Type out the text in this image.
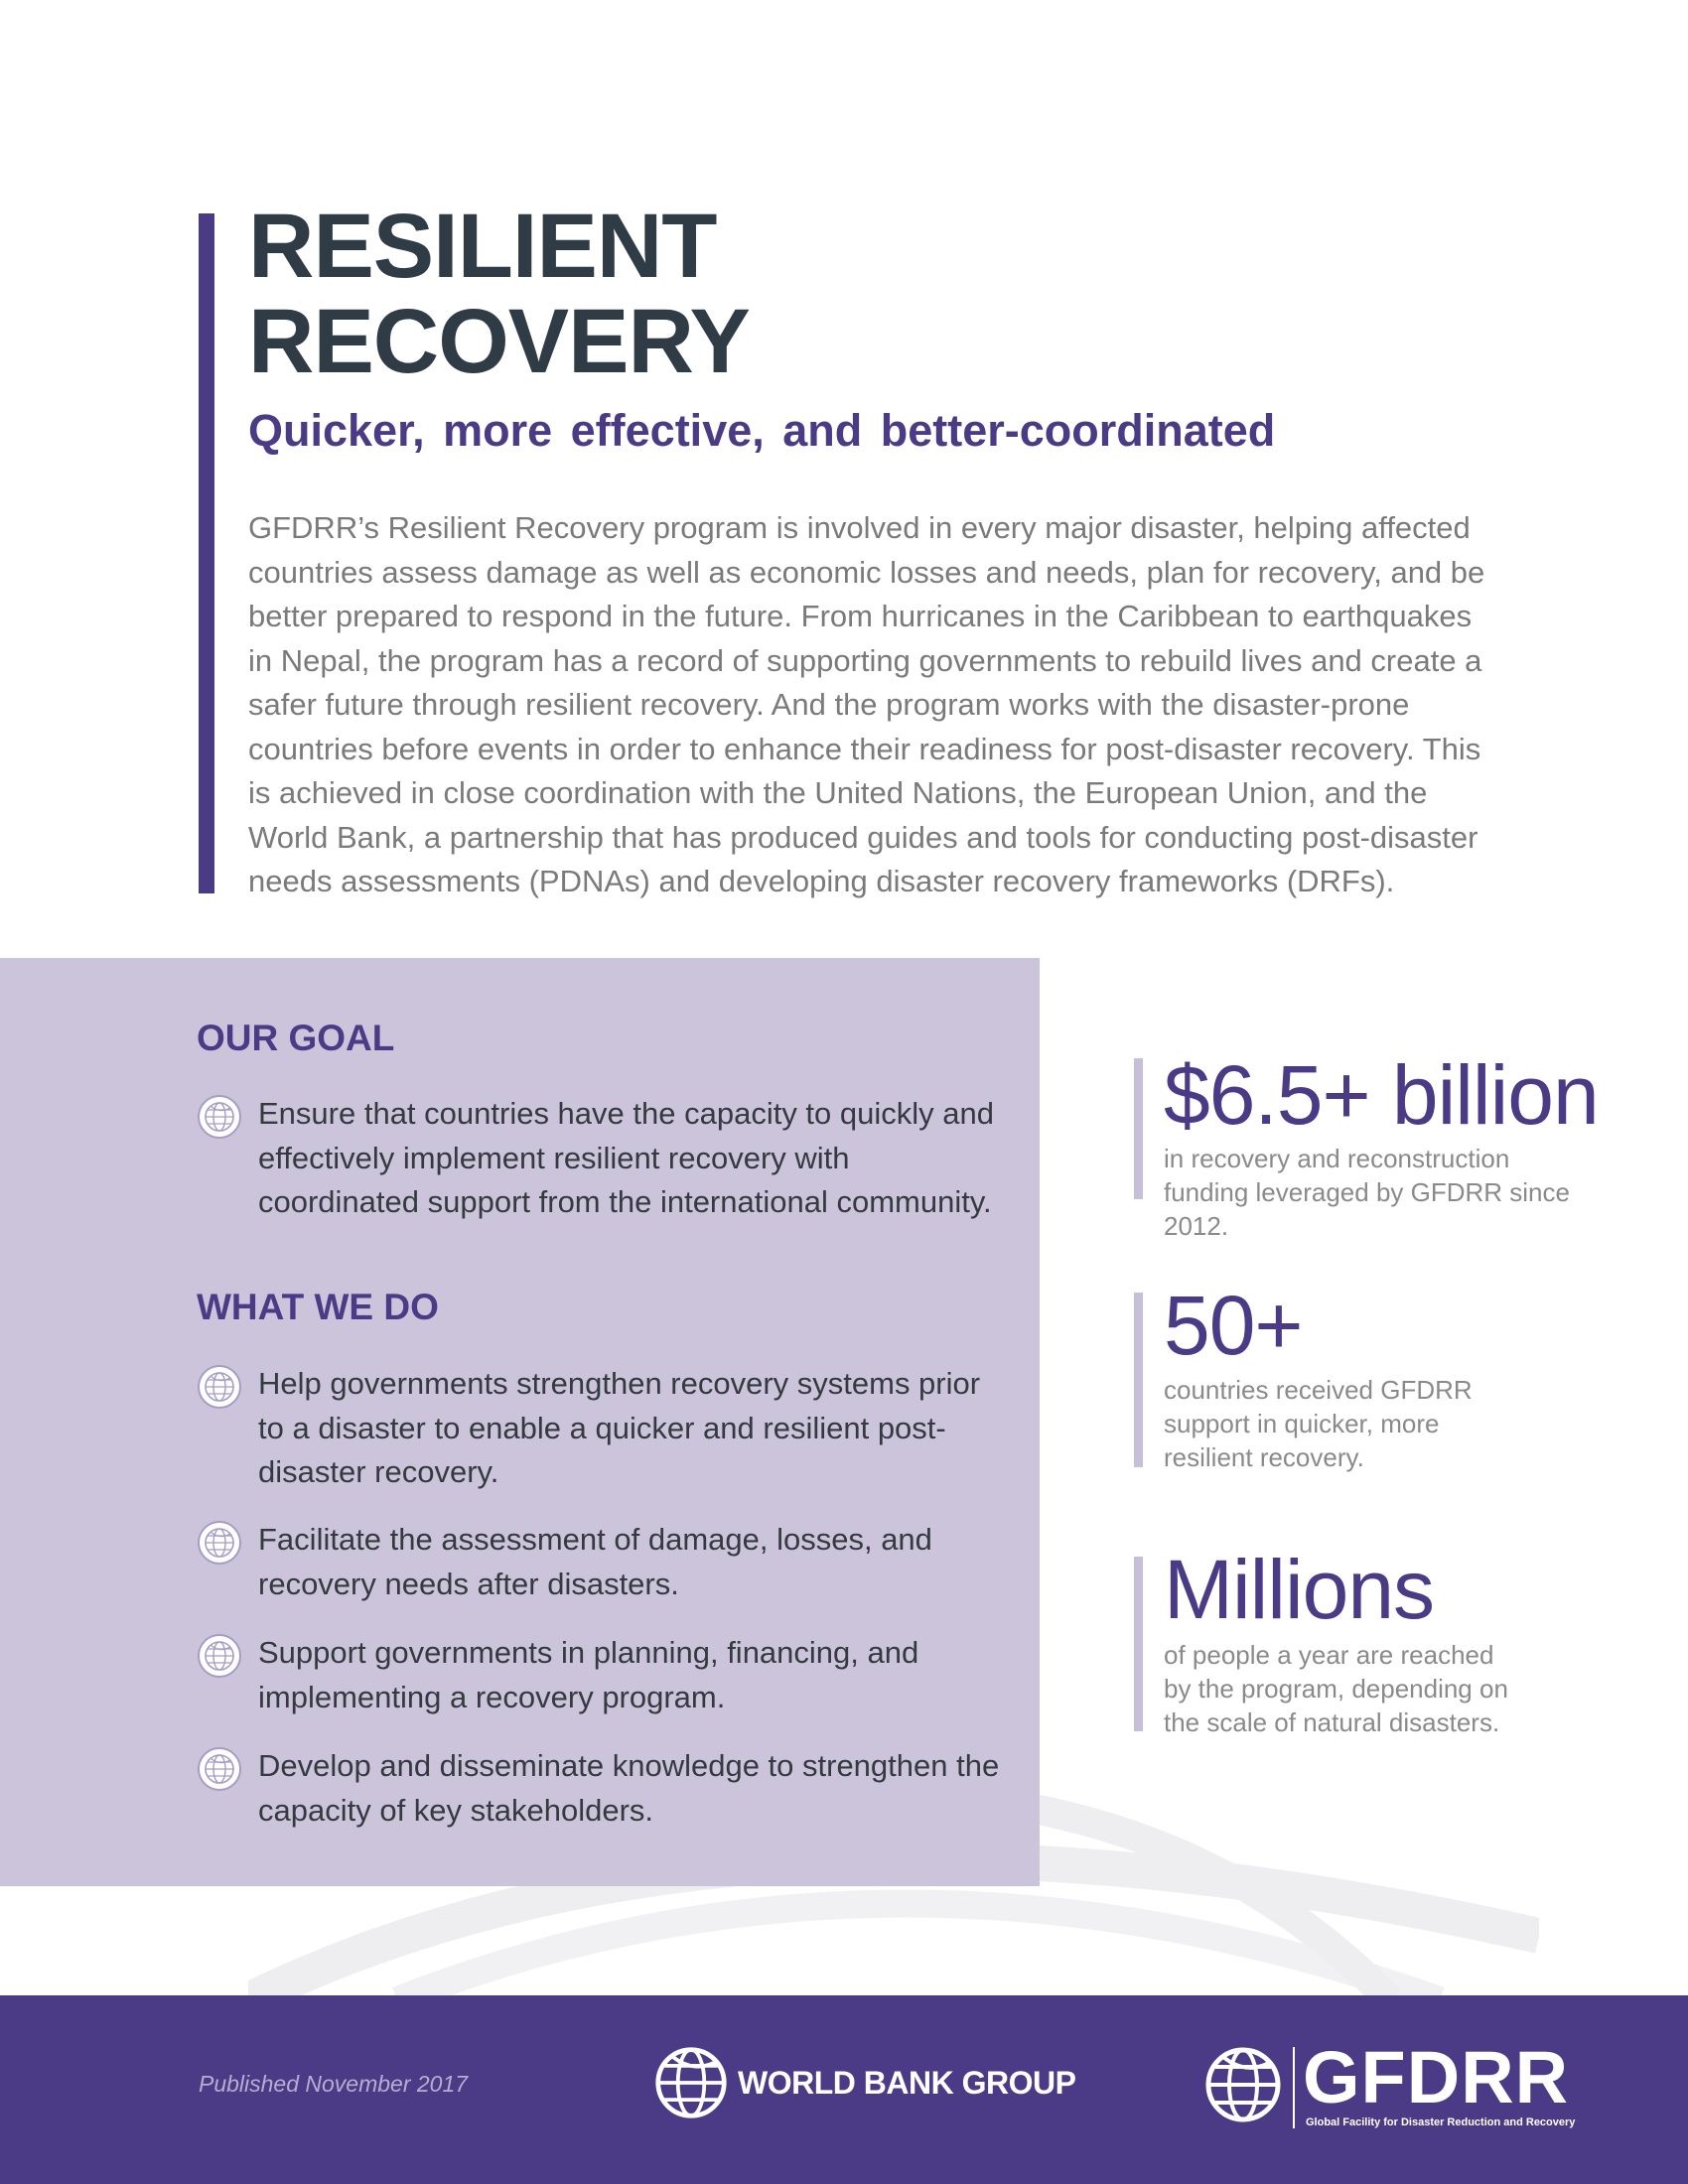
RESILIENT
RECOVERY
Quicker, more effective, and better-coordinated

GFDRR’s Resilient Recovery program is involved in every major disaster, helping affected countries assess damage as well as economic losses and needs, plan for recovery, and be better prepared to respond in the future. From hurricanes in the Caribbean to earthquakes in Nepal, the program has a record of supporting governments to rebuild lives and create a safer future through resilient recovery. And the program works with the disaster-prone countries before events in order to enhance their readiness for post-disaster recovery. This is achieved in close coordination with the United Nations, the European Union, and the World Bank, a partnership that has produced guides and tools for conducting post-disaster needs assessments (PDNAs) and developing disaster recovery frameworks (DRFs).

OUR GOAL
Ensure that countries have the capacity to quickly and effectively implement resilient recovery with coordinated support from the international community.
WHAT WE DO
Help governments strengthen recovery systems prior to a disaster to enable a quicker and resilient post-disaster recovery.
Facilitate the assessment of damage, losses, and recovery needs after disasters.
Support governments in planning, financing, and implementing a recovery program.
Develop and disseminate knowledge to strengthen the capacity of key stakeholders.

$6.5+ billion

in recovery and reconstruction funding leveraged by GFDRR since 2012.

50+

countries received GFDRR support in quicker, more resilient recovery.

Millions

of people a year are reached by the program, depending on the scale of natural disasters.

Published November 2017	WORLD BANK GROUP	GFDRR

Global Facility for Disaster Reduction and Recovery
